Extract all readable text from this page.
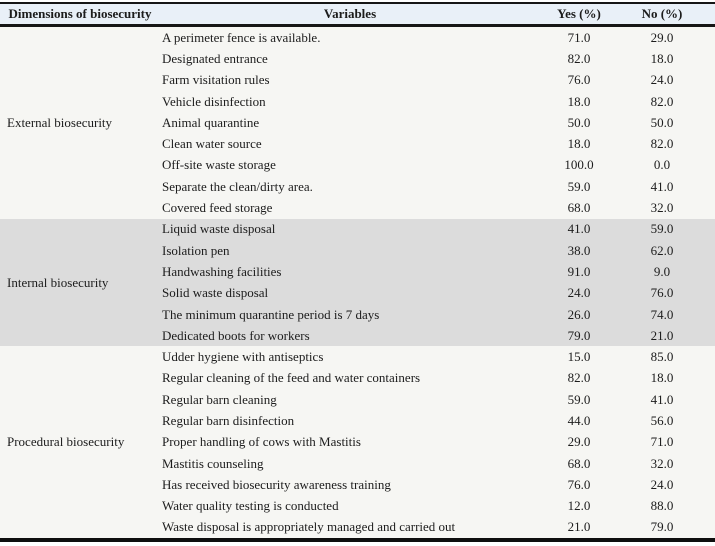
Dimensions of biosecurity	Variables	Yes (%)	No (%)
External biosecurity	A perimeter fence is available.	71.0	29.0
	Designated entrance	82.0	18.0
	Farm visitation rules	76.0	24.0
	Vehicle disinfection	18.0	82.0
	Animal quarantine	50.0	50.0
	Clean water source	18.0	82.0
	Off-site waste storage	100.0	0.0
	Separate the clean/dirty area.	59.0	41.0
	Covered feed storage	68.0	32.0
Internal biosecurity	Liquid waste disposal	41.0	59.0
	Isolation pen	38.0	62.0
	Handwashing facilities	91.0	9.0
	Solid waste disposal	24.0	76.0
	The minimum quarantine period is 7 days	26.0	74.0
	Dedicated boots for workers	79.0	21.0
Procedural biosecurity	Udder hygiene with antiseptics	15.0	85.0
	Regular cleaning of the feed and water containers	82.0	18.0
	Regular barn cleaning	59.0	41.0
	Regular barn disinfection	44.0	56.0
	Proper handling of cows with Mastitis	29.0	71.0
	Mastitis counseling	68.0	32.0
	Has received biosecurity awareness training	76.0	24.0
	Water quality testing is conducted	12.0	88.0
	Waste disposal is appropriately managed and carried out	21.0	79.0
